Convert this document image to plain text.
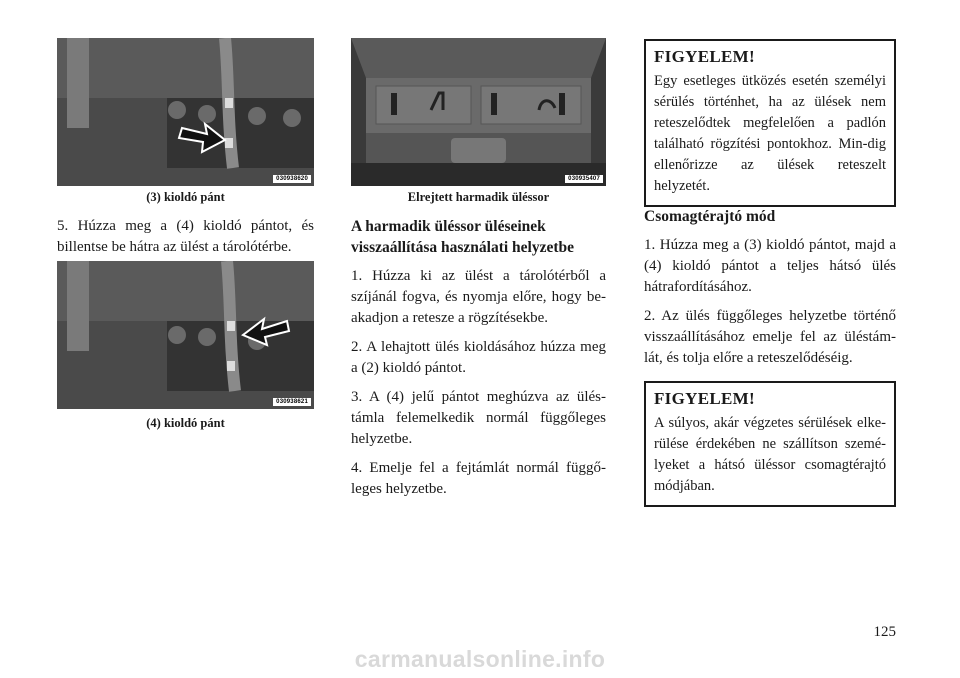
030938620
(3) kioldó pánt

5. Húzza meg a (4) kioldó pántot, és billentse be hátra az ülést a tárolótérbe.

030938621
(4) kioldó pánt
030935407
Elrejtett harmadik üléssor

A harmadik üléssor üléseinek

visszaállítása használati helyzetbe

1. Húzza ki az ülést a tárolótérből a szíjánál fogva, és nyomja előre, hogy be-akadjon a retesze a rögzítésekbe.

2. A lehajtott ülés kioldásához húzza meg a (2) kioldó pántot.

3. A (4) jelű pántot meghúzva az ülés-támla felemelkedik normál függőleges helyzetbe.

4. Emelje fel a fejtámlát normál függő-leges helyzetbe.

FIGYELEM!

Egy esetleges ütközés esetén személyi sérülés történhet, ha az ülések nem reteszelődtek megfelelően a padlón található rögzítési pontokhoz. Min-dig ellenőrizze az ülések reteszelt helyzetét.

Csomagtérajtó mód

1. Húzza meg a (3) kioldó pántot, majd a (4) kioldó pántot a teljes hátsó ülés hátrafordításához.

2. Az ülés függőleges helyzetbe történő visszaállításához emelje fel az üléstám-lát, és tolja előre a reteszelődéséig.

FIGYELEM!

A súlyos, akár végzetes sérülések elke-rülése érdekében ne szállítson szemé-lyeket a hátsó üléssor csomagtérajtó módjában.

125
carmanualsonline.info
